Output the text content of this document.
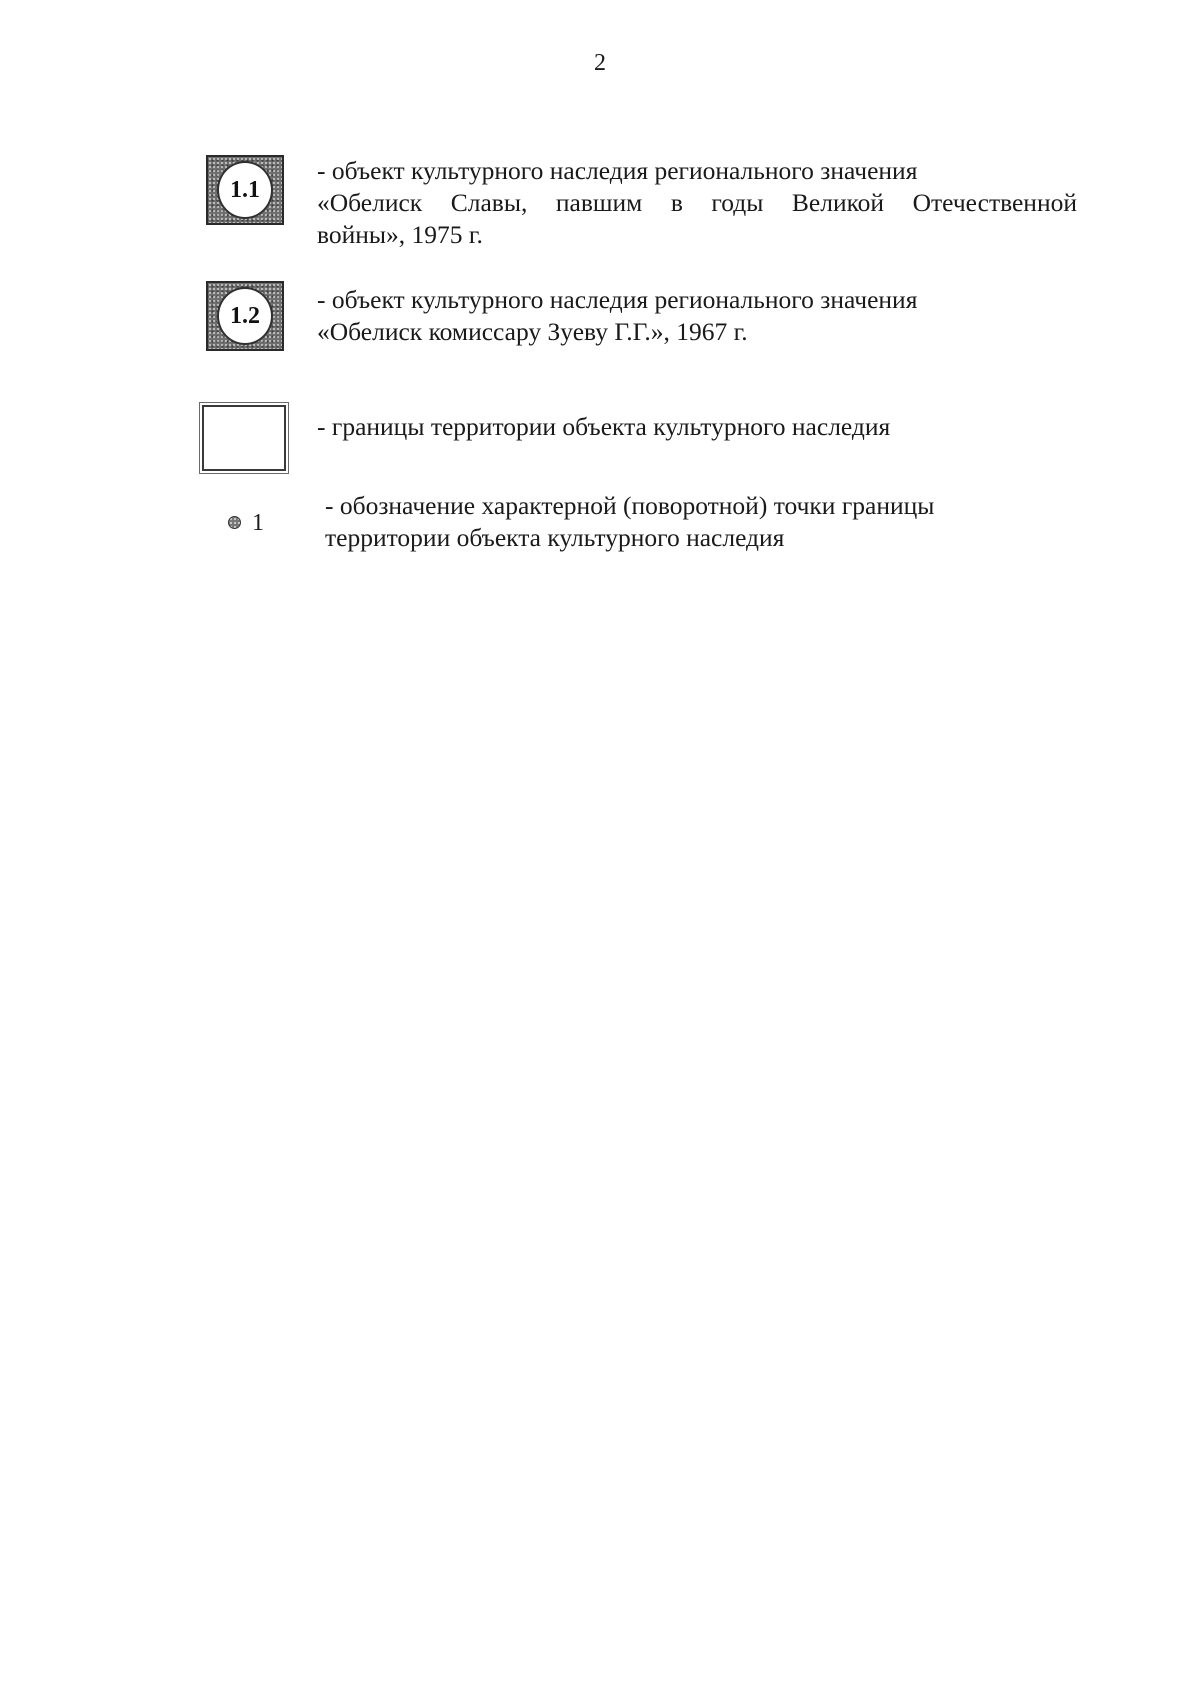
2
1.1
- объект культурного наследия регионального значения
«Обелиск Славы, павшим в годы Великой Отечественной
войны», 1975 г.
1.2
- объект культурного наследия регионального значения
«Обелиск комиссару Зуеву Г.Г.», 1967 г.
- границы территории объекта культурного наследия
1
- обозначение характерной (поворотной) точки границы
территории объекта культурного наследия
